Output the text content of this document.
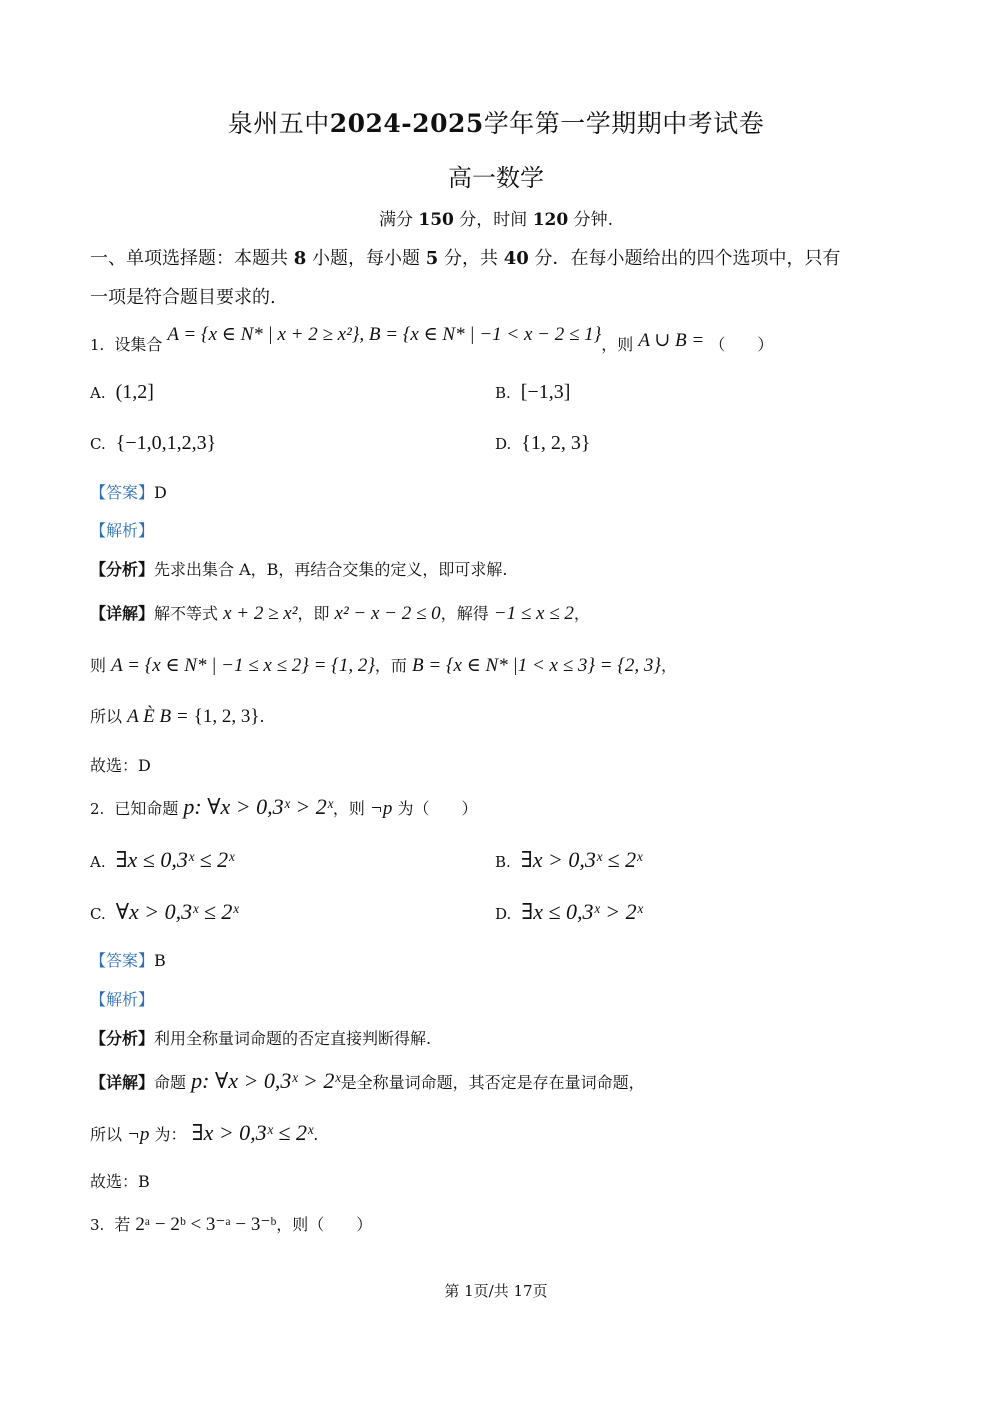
泉州五中2024-2025学年第一学期期中考试卷
高一数学
满分 150 分，时间 120 分钟.
一、单项选择题：本题共 8 小题，每小题 5 分，共 40 分．在每小题给出的四个选项中，只有
一项是符合题目要求的.
1. 设集合 A = {x ∈ N* | x + 2 ≥ x²}, B = {x ∈ N* | −1 < x − 2 ≤ 1}，则 A ∪ B = （　　）
A. (1,2]	B. [−1,3]
C. {−1,0,1,2,3}	D. {1, 2, 3}
【答案】D
【解析】
【分析】先求出集合 A，B，再结合交集的定义，即可求解.
【详解】解不等式 x + 2 ≥ x²，即 x² − x − 2 ≤ 0，解得 −1 ≤ x ≤ 2，
则 A = {x ∈ N* | −1 ≤ x ≤ 2} = {1, 2}，而 B = {x ∈ N* |1 < x ≤ 3} = {2, 3}，
所以 A È B = {1, 2, 3}.
故选：D
2. 已知命题 p: ∀x > 0,3ˣ > 2ˣ，则 ¬p 为（　　）
A. ∃x ≤ 0,3ˣ ≤ 2ˣ	B. ∃x > 0,3ˣ ≤ 2ˣ
C. ∀x > 0,3ˣ ≤ 2ˣ	D. ∃x ≤ 0,3ˣ > 2ˣ
【答案】B
【解析】
【分析】利用全称量词命题的否定直接判断得解.
【详解】命题 p: ∀x > 0,3ˣ > 2ˣ是全称量词命题，其否定是存在量词命题，
所以 ¬p 为： ∃x > 0,3ˣ ≤ 2ˣ.
故选：B
3. 若 2ᵃ − 2ᵇ < 3⁻ᵃ − 3⁻ᵇ，则（　　）
第 1页/共 17页
